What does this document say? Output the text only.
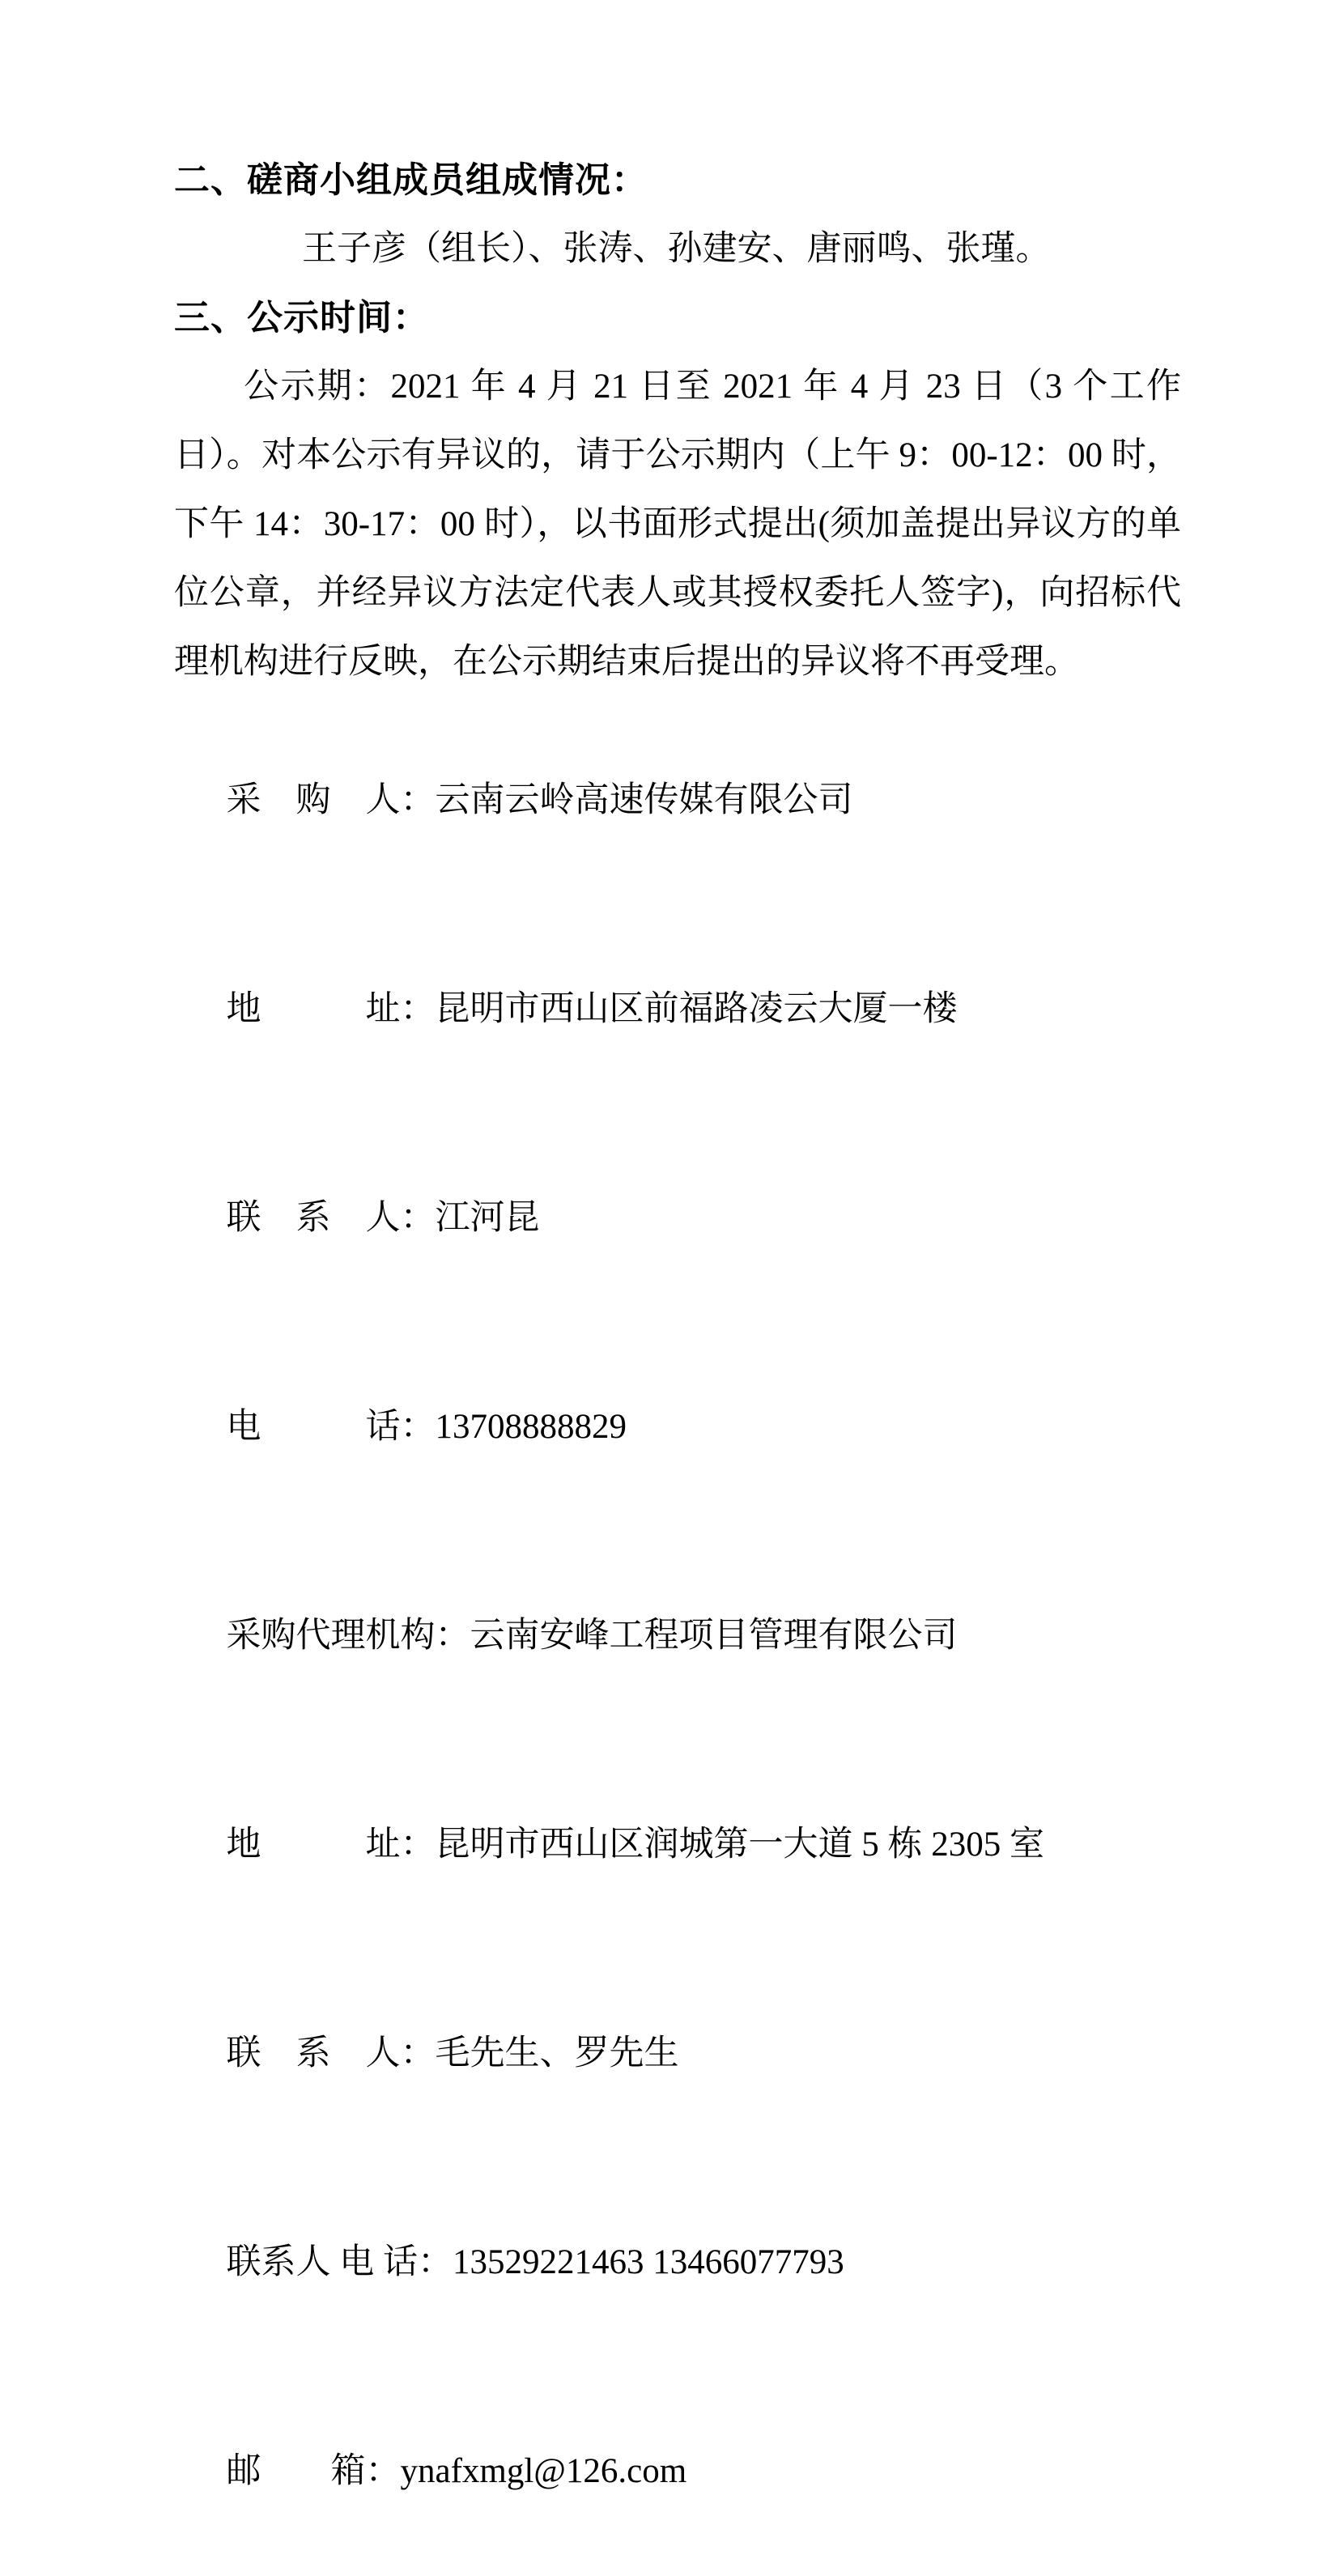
二、磋商小组成员组成情况：

王子彦（组长）、张涛、孙建安、唐丽鸣、张瑾。

三、公示时间：

公示期：2021 年 4 月 21 日至 2021 年 4 月 23 日（3 个工作日）。对本公示有异议的，请于公示期内（上午 9：00-12：00 时，下午 14：30-17：00 时），以书面形式提出(须加盖提出异议方的单位公章，并经异议方法定代表人或其授权委托人签字)，向招标代理机构进行反映，在公示期结束后提出的异议将不再受理。

采　购　人：云南云岭高速传媒有限公司

地　　　址：昆明市西山区前福路凌云大厦一楼

联　系　人：江河昆

电　　　话：13708888829

采购代理机构：云南安峰工程项目管理有限公司

地　　　址：昆明市西山区润城第一大道 5 栋 2305 室

联　系　人：毛先生、罗先生

联系人 电 话：13529221463 13466077793

邮　　箱：ynafxmgl@126.com
